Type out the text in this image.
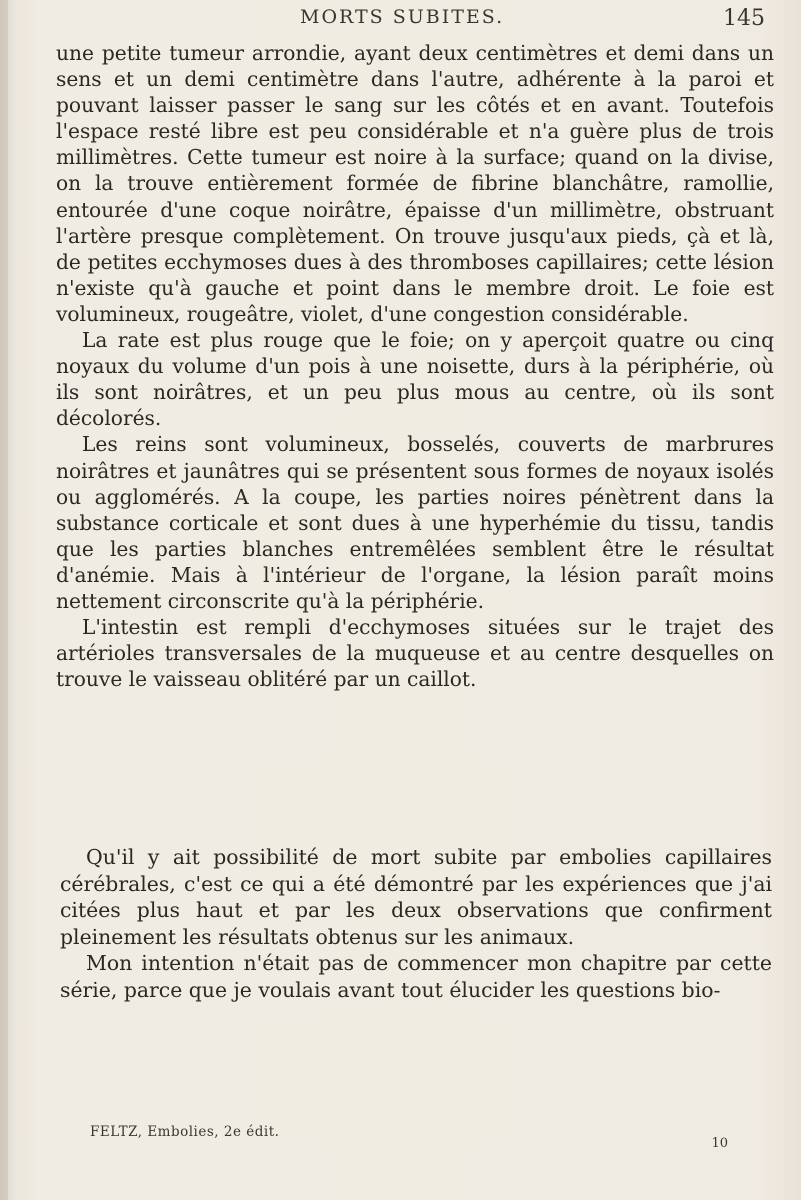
MORTS SUBITES.	145

une petite tumeur arrondie, ayant deux centimètres et demi dans un sens et un demi centimètre dans l'autre, adhérente à la paroi et pouvant laisser passer le sang sur les côtés et en avant. Toutefois l'espace resté libre est peu considérable et n'a guère plus de trois millimètres. Cette tumeur est noire à la surface; quand on la divise, on la trouve entièrement formée de fibrine blanchâtre, ramollie, entourée d'une coque noirâtre, épaisse d'un millimètre, obstruant l'artère presque complètement. On trouve jusqu'aux pieds, çà et là, de petites ecchymoses dues à des thromboses capillaires; cette lésion n'existe qu'à gauche et point dans le membre droit. Le foie est volumineux, rougeâtre, violet, d'une congestion considérable.

La rate est plus rouge que le foie; on y aperçoit quatre ou cinq noyaux du volume d'un pois à une noisette, durs à la périphérie, où ils sont noirâtres, et un peu plus mous au centre, où ils sont décolorés.

Les reins sont volumineux, bosselés, couverts de marbrures noirâtres et jaunâtres qui se présentent sous formes de noyaux isolés ou agglomérés. A la coupe, les parties noires pénètrent dans la substance corticale et sont dues à une hyperhémie du tissu, tandis que les parties blanches entremêlées semblent être le résultat d'anémie. Mais à l'intérieur de l'organe, la lésion paraît moins nettement circonscrite qu'à la périphérie.

L'intestin est rempli d'ecchymoses situées sur le trajet des artérioles transversales de la muqueuse et au centre desquelles on trouve le vaisseau oblitéré par un caillot.

Qu'il y ait possibilité de mort subite par embolies capillaires cérébrales, c'est ce qui a été démontré par les expériences que j'ai citées plus haut et par les deux observations que confirment pleinement les résultats obtenus sur les animaux.

Mon intention n'était pas de commencer mon chapitre par cette série, parce que je voulais avant tout élucider les questions bio-

FELTZ, Embolies, 2e édit.
10
